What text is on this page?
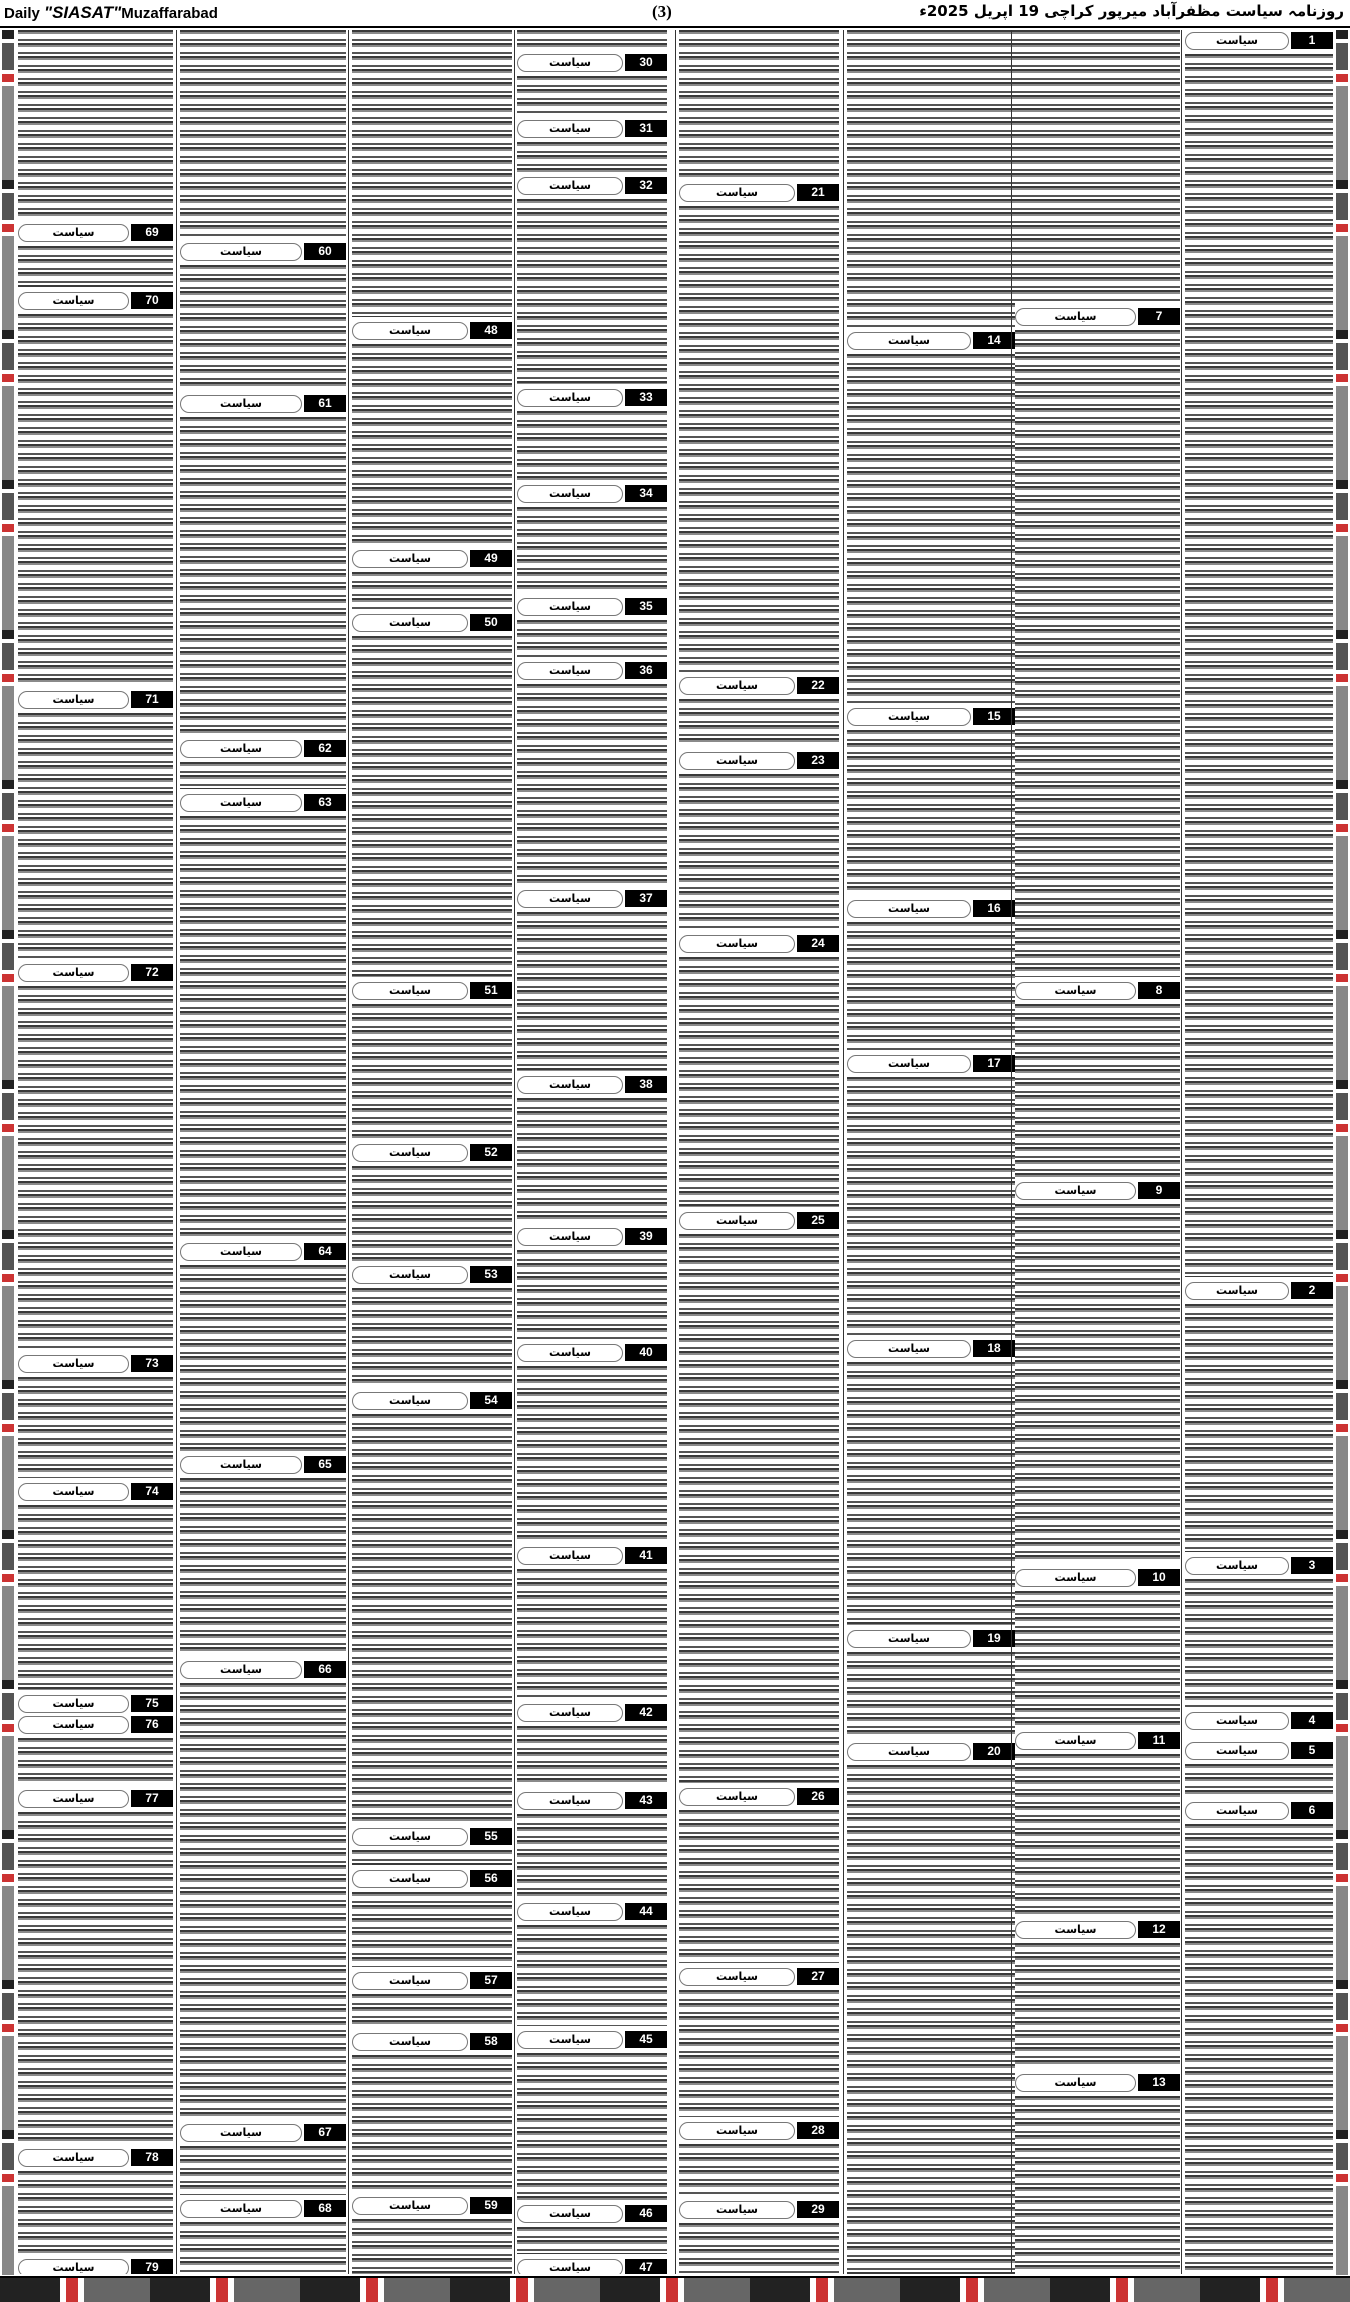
Daily "SIASAT"Muzaffarabad	(3)	روزنامہ سیاست مظفرآباد میرپور کراچی 19 اپریل 2025ء
سیاست	30
سیاست	31
سیاست	32
سیاست	33
سیاست	34
سیاست	35
سیاست	36
سیاست	37
سیاست	38
سیاست	39
سیاست	40
سیاست	41
سیاست	42
سیاست	43
سیاست	44
سیاست	45
سیاست	46
سیاست	47
سیاست	21
سیاست	22
سیاست	23
سیاست	24
سیاست	25
سیاست	26
سیاست	27
سیاست	28
سیاست	29
سیاست	14
سیاست	15
سیاست	16
سیاست	17
سیاست	18
سیاست	19
سیاست	20
سیاست	7
سیاست	8
سیاست	9
سیاست	10
سیاست	11
سیاست	12
سیاست	13
سیاست	1
سیاست	2
سیاست	3
سیاست	4
سیاست	5
سیاست	6
سیاست	48
سیاست	49
سیاست	50
سیاست	51
سیاست	52
سیاست	53
سیاست	54
سیاست	55
سیاست	56
سیاست	57
سیاست	58
سیاست	59
سیاست	60
سیاست	61
سیاست	62
سیاست	63
سیاست	64
سیاست	65
سیاست	66
سیاست	67
سیاست	68
سیاست	69
سیاست	70
سیاست	71
سیاست	72
سیاست	73
سیاست	74
سیاست	75
سیاست	76
سیاست	77
سیاست	78
سیاست	79
